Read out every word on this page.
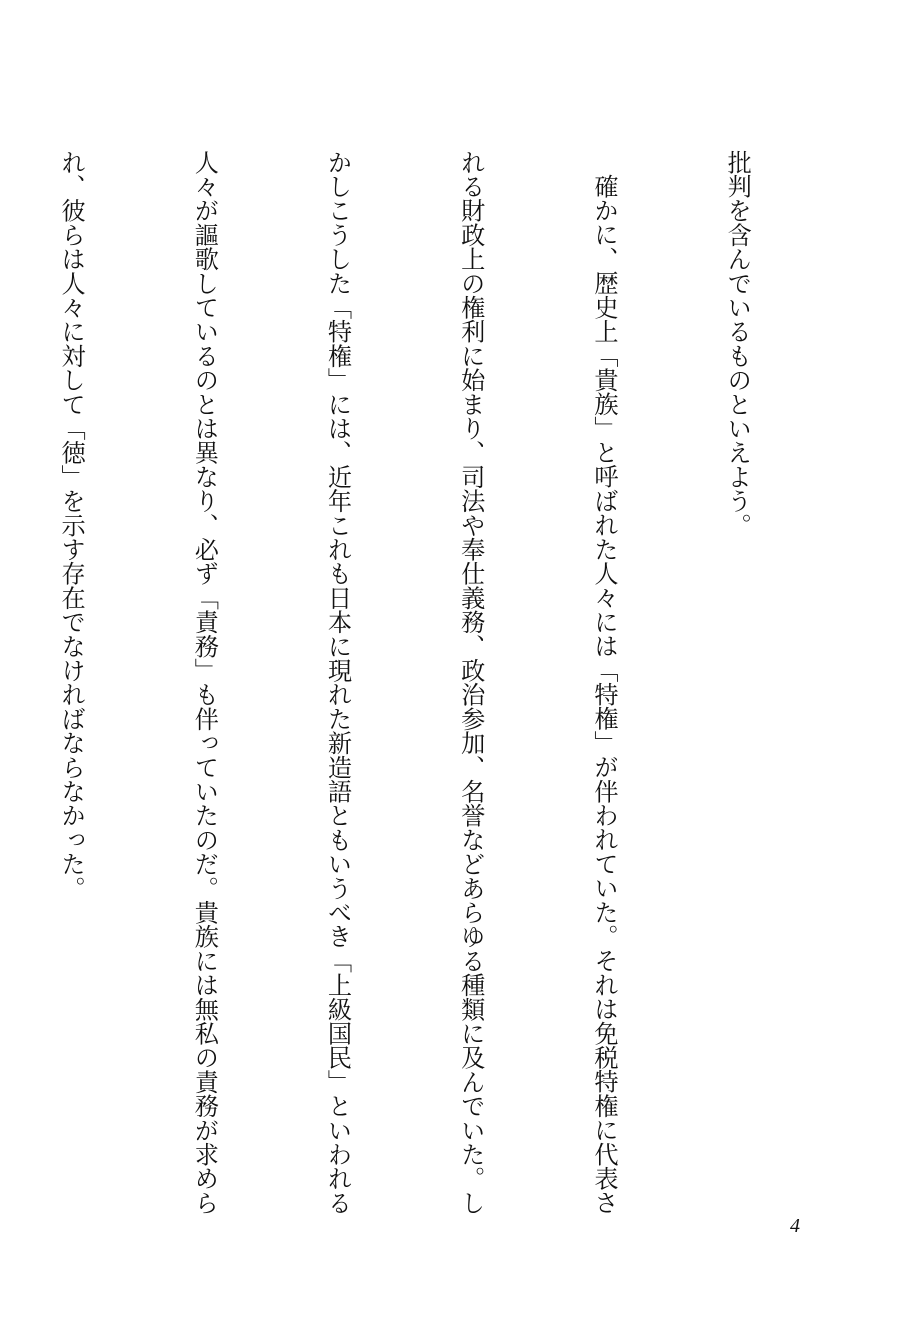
批判を含んでいるものといえよう。

確かに、歴史上「貴族」と呼ばれた人々には「特権」が伴われていた。それは免税特権に代表さ

れる財政上の権利に始まり、司法や奉仕義務、政治参加、名誉などあらゆる種類に及んでいた。し

かしこうした「特権」には、近年これも日本に現れた新造語ともいうべき「上級国民」といわれる

人々が謳歌しているのとは異なり、必ず「責務」も伴っていたのだ。貴族には無私の責務が求めら

れ、彼らは人々に対して「徳」を示す存在でなければならなかった。

4
